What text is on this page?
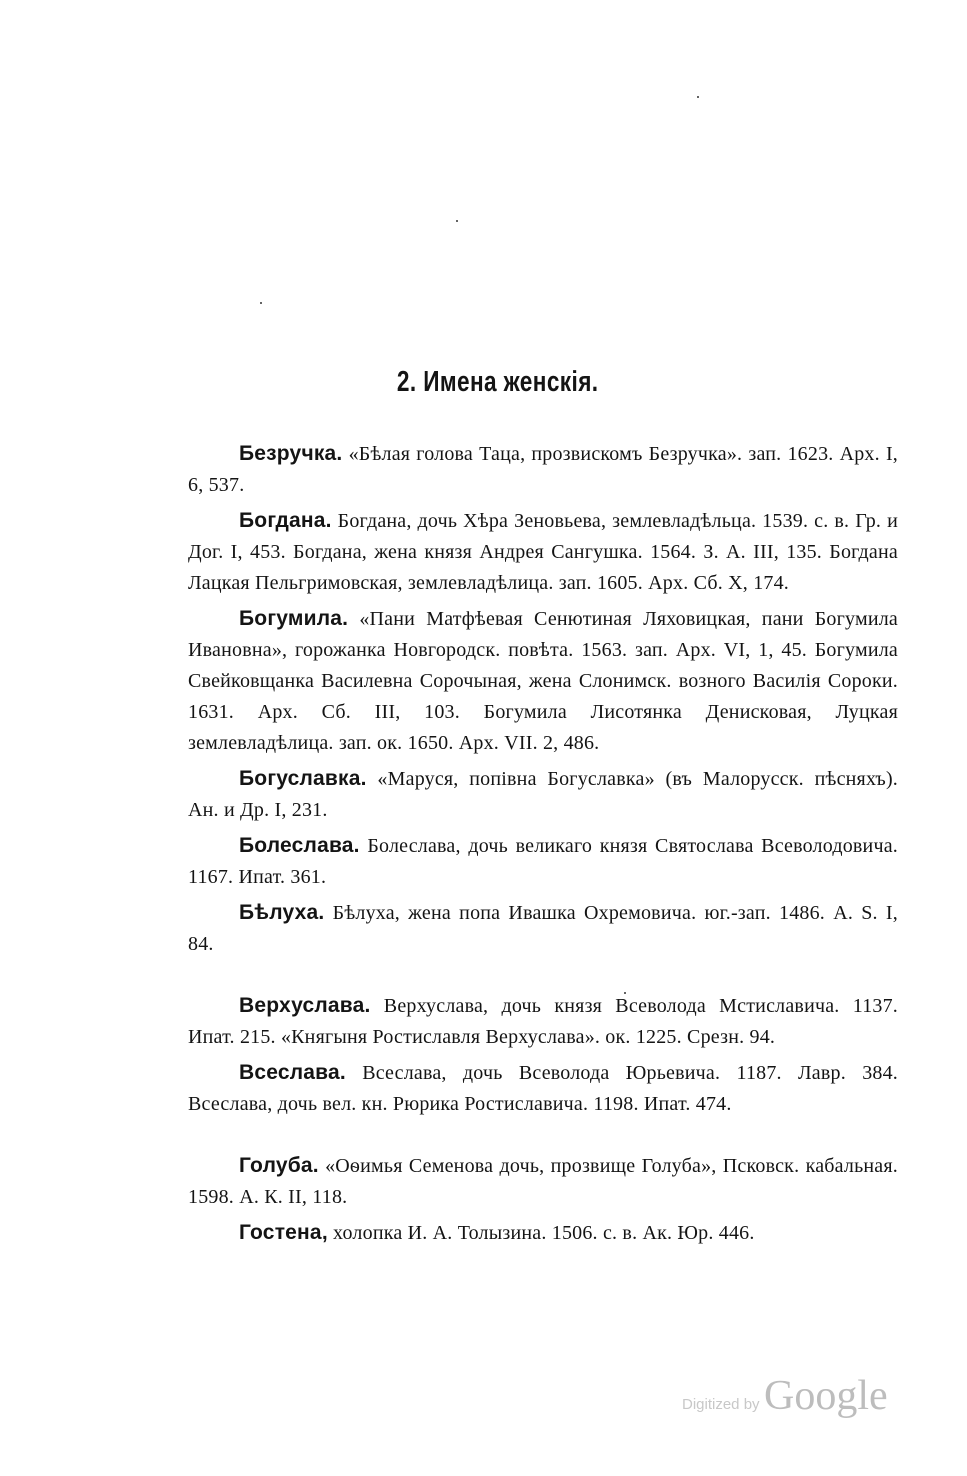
2. Имена женскія.

Безручка. «Бѣлая голова Таца, прозвискомъ Безручка». зап. 1623. Арх. I, 6, 537.

Богдана. Богдана, дочь Хѣра Зеновьева, землевладѣльца. 1539. с. в. Гр. и Дог. I, 453. Богдана, жена князя Андрея Сангушка. 1564. З. А. III, 135. Богдана Лацкая Пельгримовская, землевладѣлица. зап. 1605. Арх. Сб. X, 174.

Богумила. «Пани Матфѣевая Сенютиная Ляховицкая, пани Богумила Ивановна», горожанка Новгородск. повѣта. 1563. зап. Арх. VI, 1, 45. Богумила Свейковщанка Василевна Сорочыная, жена Слонимск. возного Василія Сороки. 1631. Арх. Сб. III, 103. Богумила Лисотянка Денисковая, Луцкая землевладѣлица. зап. ок. 1650. Арх. VII. 2, 486.

Богуславка. «Маруся, попівна Богуславка» (въ Малорусск. пѣсняхъ). Ан. и Др. I, 231.

Болеслава. Болеслава, дочь великаго князя Святослава Всеволодовича. 1167. Ипат. 361.

Бѣлуха. Бѣлуха, жена попа Ивашка Охремовича. юг.-зап. 1486. A. S. I, 84.

Верхуслава. Верхуслава, дочь князя Всеволода Мстиславича. 1137. Ипат. 215. «Княгыня Ростиславля Верхуслава». ок. 1225. Срезн. 94.

Всеслава. Всеслава, дочь Всеволода Юрьевича. 1187. Лавр. 384. Всеслава, дочь вел. кн. Рюрика Ростиславича. 1198. Ипат. 474.

Голуба. «Оѳимья Семенова дочь, прозвище Голуба», Псковск. кабальная. 1598. А. К. II, 118.

Гостена, холопка И. А. Толызина. 1506. с. в. Ак. Юр. 446.

Digitized by Google
